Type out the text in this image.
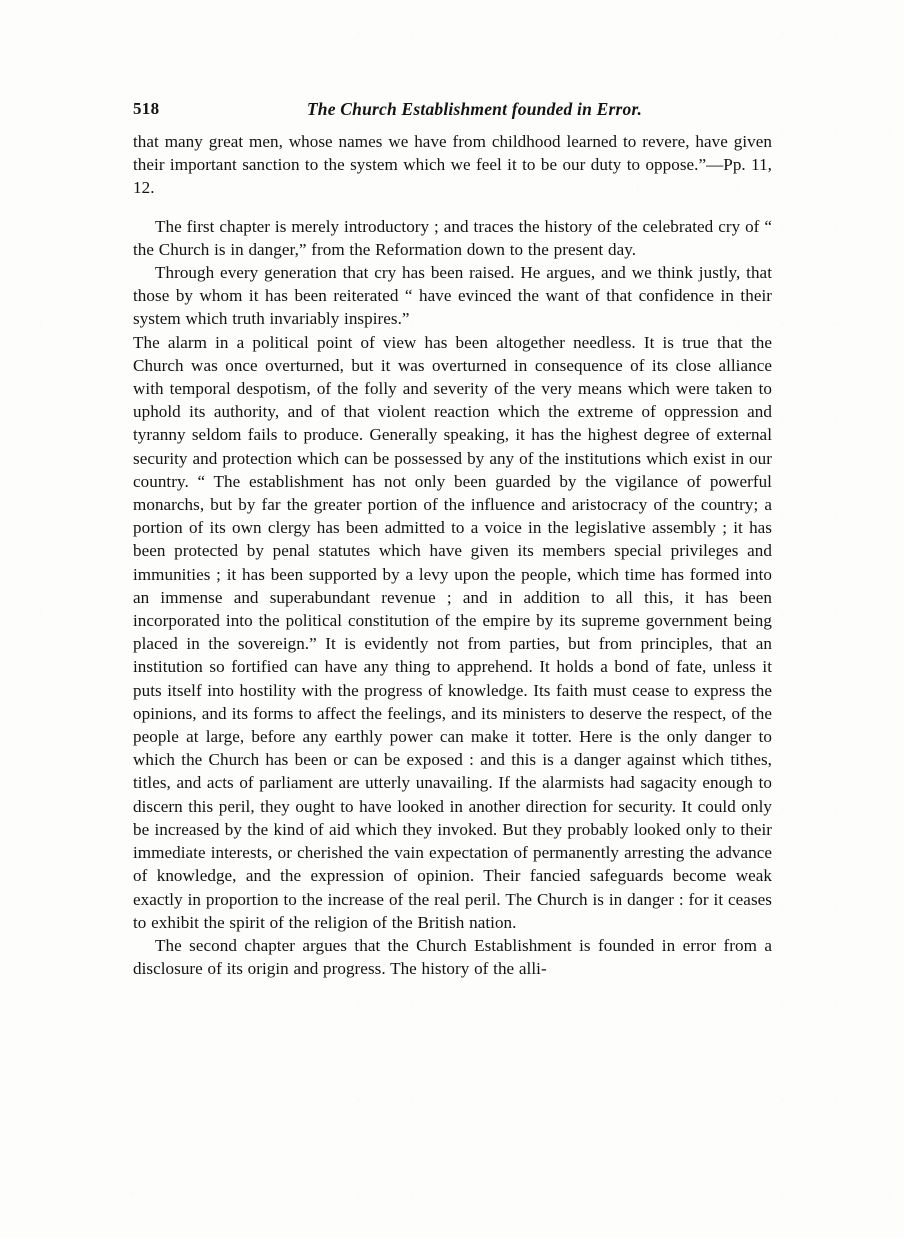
518	The Church Establishment founded in Error.

that many great men, whose names we have from childhood learned to revere, have given their important sanction to the system which we feel it to be our duty to oppose.”—Pp. 11, 12.

The first chapter is merely introductory ; and traces the history of the celebrated cry of “ the Church is in danger,” from the Reformation down to the present day.

Through every generation that cry has been raised. He argues, and we think justly, that those by whom it has been reiterated “ have evinced the want of that confidence in their system which truth invariably inspires.”

The alarm in a political point of view has been altogether needless. It is true that the Church was once overturned, but it was overturned in consequence of its close alliance with temporal despotism, of the folly and severity of the very means which were taken to uphold its authority, and of that violent reaction which the extreme of oppression and tyranny seldom fails to produce. Generally speaking, it has the highest degree of external security and protection which can be possessed by any of the institutions which exist in our country. “ The establishment has not only been guarded by the vigilance of powerful monarchs, but by far the greater portion of the influence and aristocracy of the country; a portion of its own clergy has been admitted to a voice in the legislative assembly ; it has been protected by penal statutes which have given its members special privileges and immunities ; it has been supported by a levy upon the people, which time has formed into an immense and superabundant revenue ; and in addition to all this, it has been incorporated into the political constitution of the empire by its supreme government being placed in the sovereign.” It is evidently not from parties, but from principles, that an institution so fortified can have any thing to apprehend. It holds a bond of fate, unless it puts itself into hostility with the progress of knowledge. Its faith must cease to express the opinions, and its forms to affect the feelings, and its ministers to deserve the respect, of the people at large, before any earthly power can make it totter. Here is the only danger to which the Church has been or can be exposed : and this is a danger against which tithes, titles, and acts of parliament are utterly unavailing. If the alarmists had sagacity enough to discern this peril, they ought to have looked in another direction for security. It could only be increased by the kind of aid which they invoked. But they probably looked only to their immediate interests, or cherished the vain expectation of permanently arresting the advance of knowledge, and the expression of opinion. Their fancied safeguards become weak exactly in proportion to the increase of the real peril. The Church is in danger : for it ceases to exhibit the spirit of the religion of the British nation.

The second chapter argues that the Church Establishment is founded in error from a disclosure of its origin and progress. The history of the alli-
